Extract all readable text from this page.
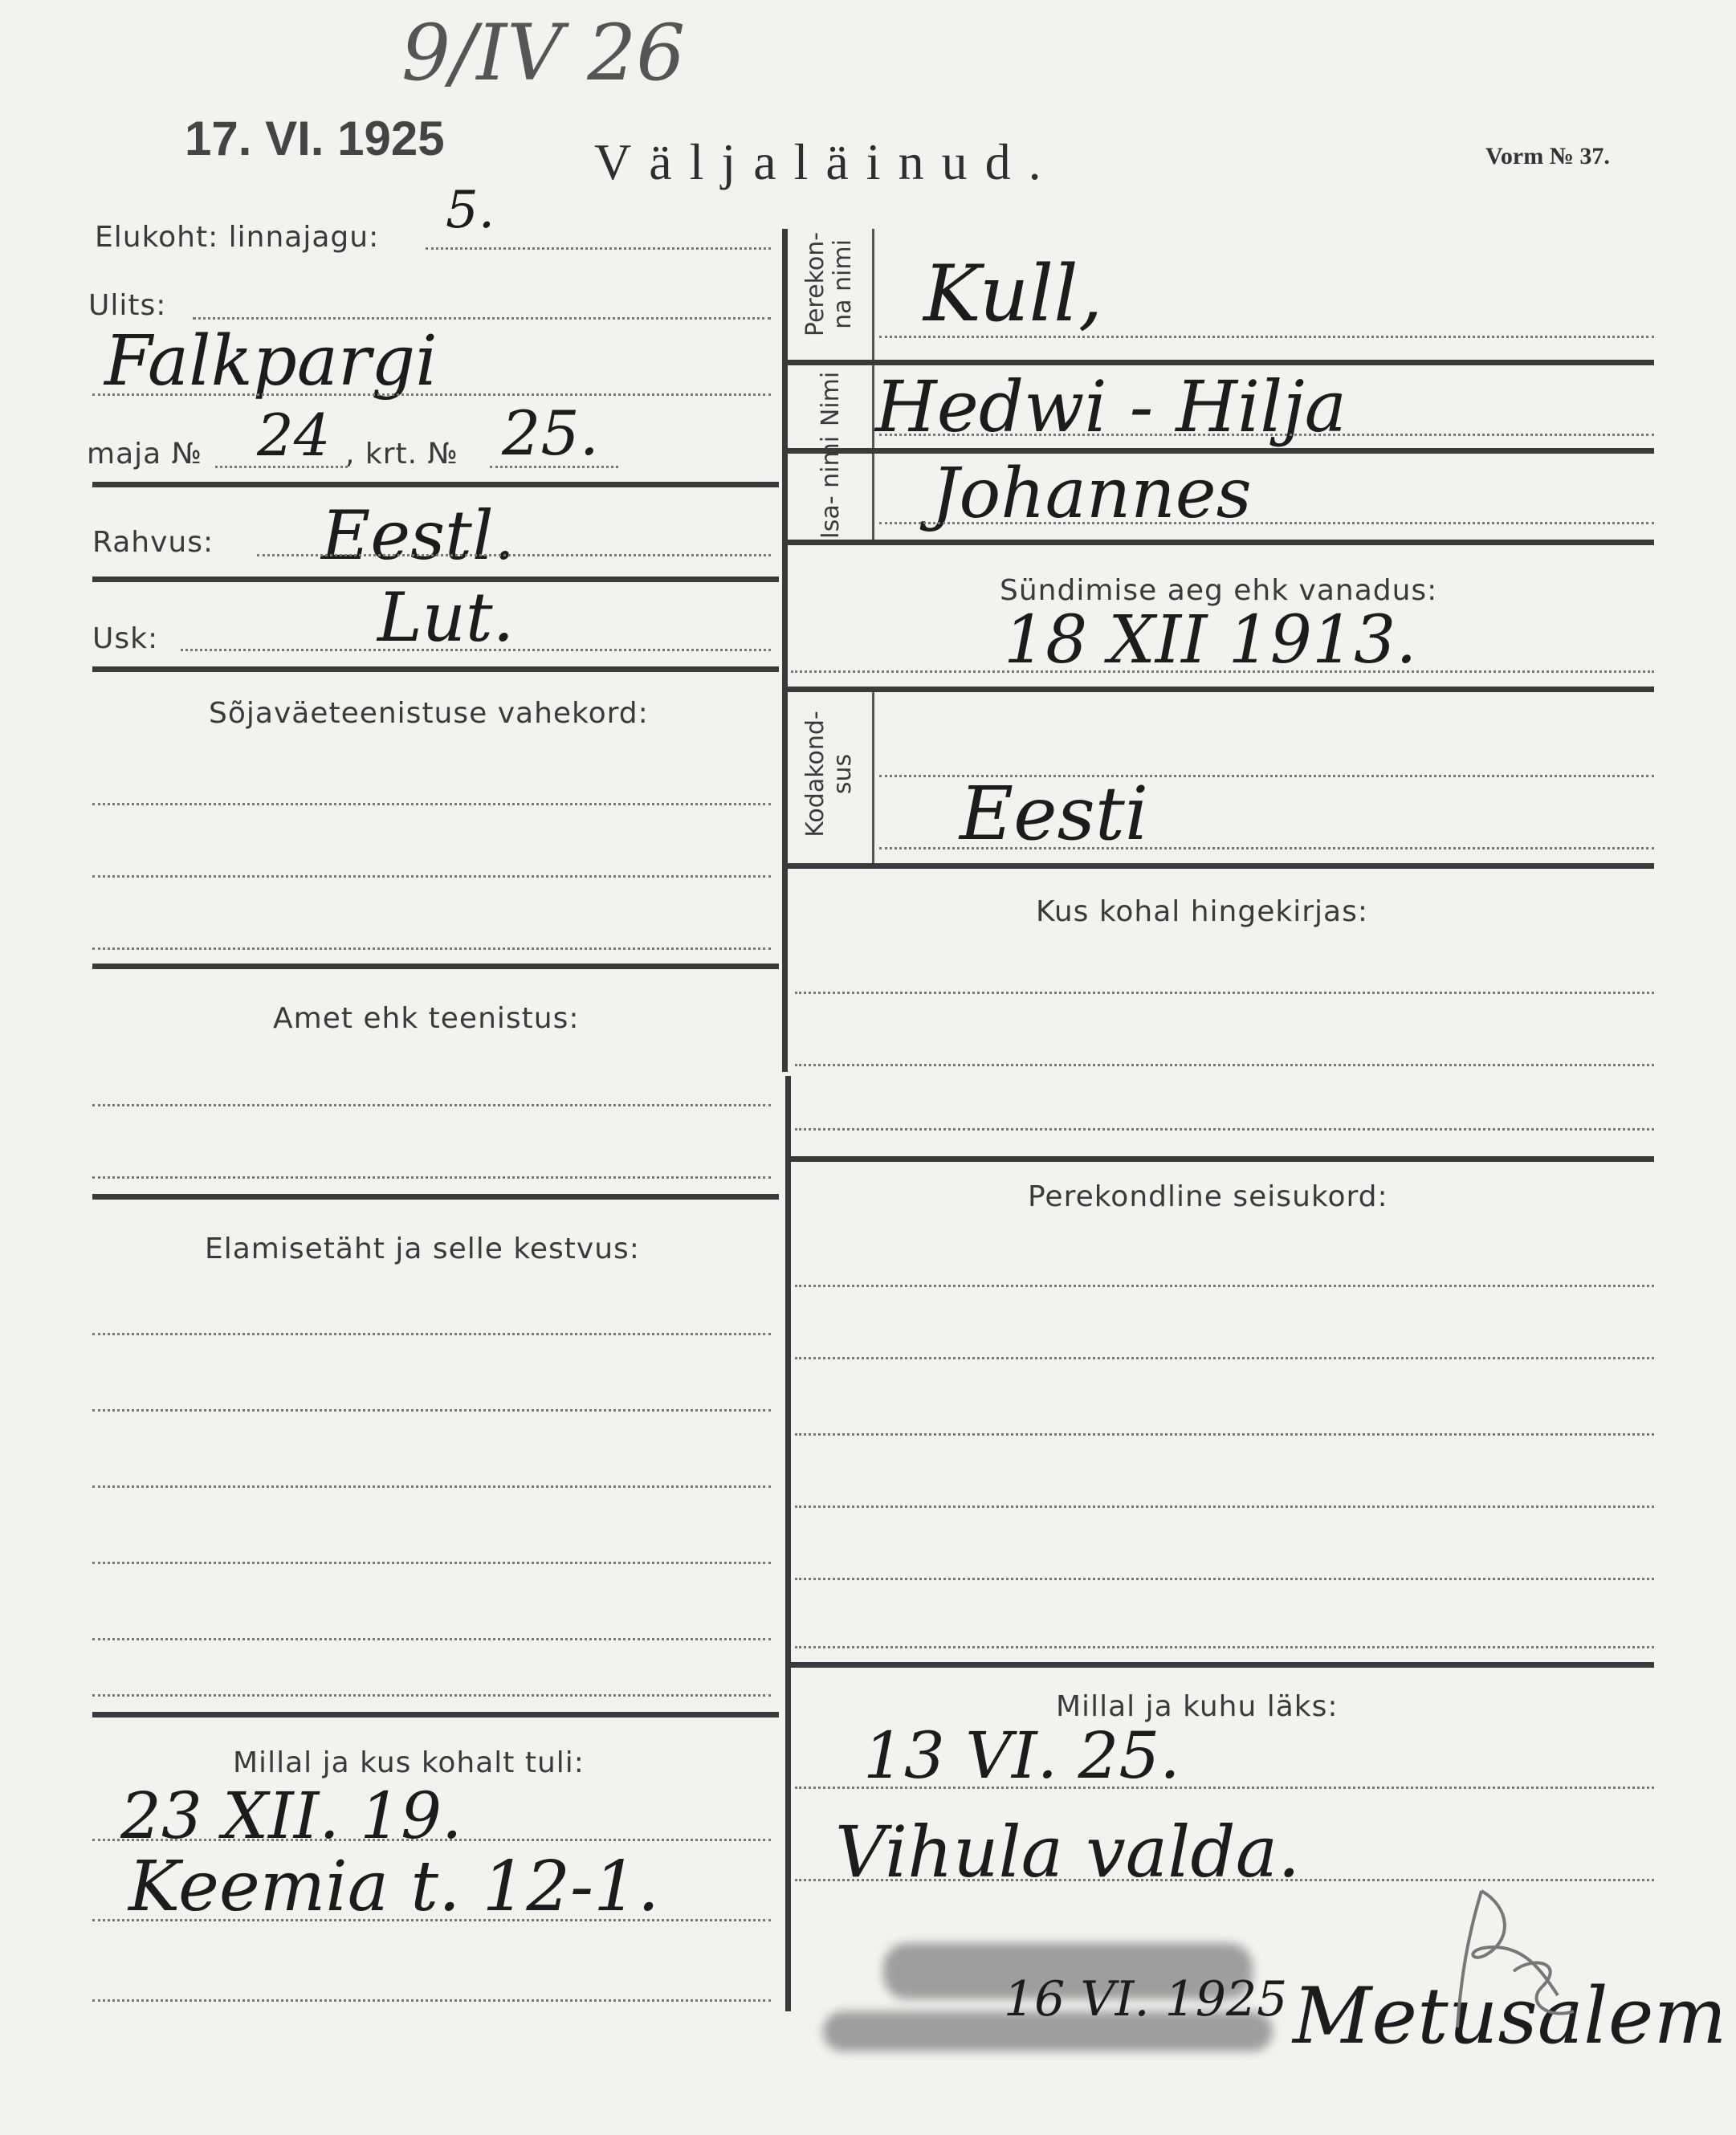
17. VI. 1925
9/IV 26
Väljaläinud.	Vorm № 37.
Elukoht: linnajagu: 5.
Ulits:
Falkpargi
maja № 24 , krt. № 25.
Eestl.
Rahvus:
Lut.
Usk:
Sõjaväeteenistuse vahekord:
Amet ehk teenistus:
Elamisetäht ja selle kestvus:
Millal ja kus kohalt tuli:
23 XII. 19.
Keemia t. 12-1.
Perekon- na nimi Kull,
Nimi Hedwi - Hilja
Isa- nimi Johannes
Sündimise aeg ehk vanadus:
18 XII 1913.
Kodakond- sus Eesti
Kus kohal hingekirjas:
Perekondline seisukord:
Millal ja kuhu läks:
13 VI. 25.
Vihula valda.
16 VI. 1925 Metusalem
